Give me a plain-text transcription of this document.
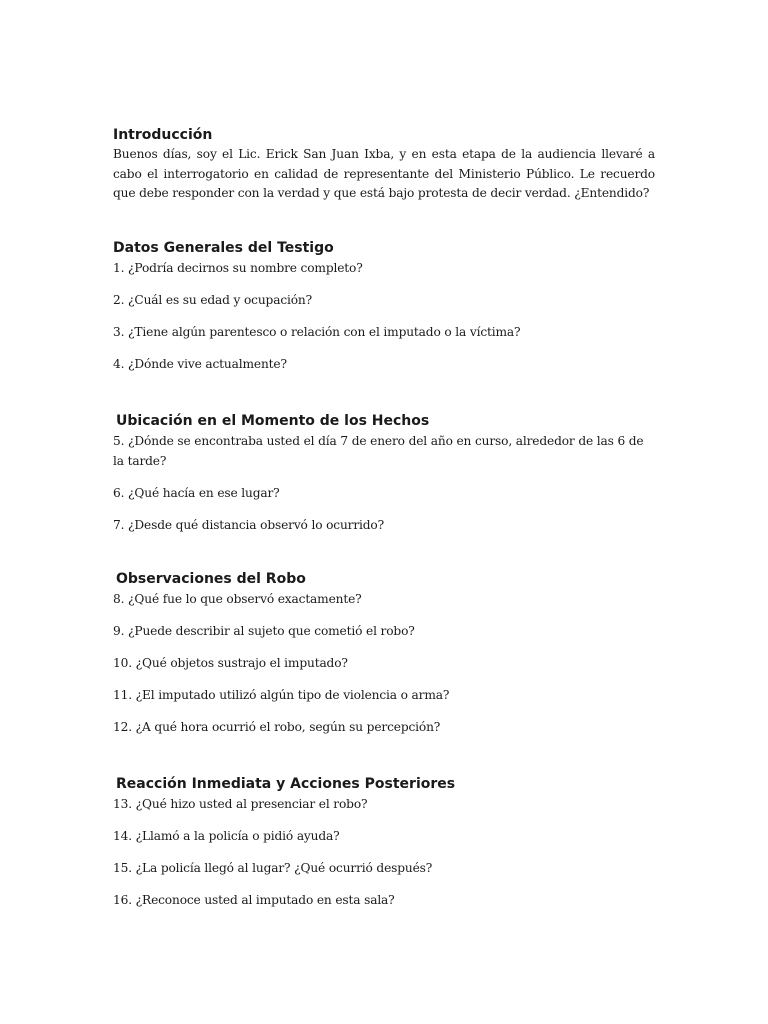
Introducción

Buenos días, soy el Lic. Erick San Juan Ixba, y en esta etapa de la audiencia llevaré a cabo el interrogatorio en calidad de representante del Ministerio Público. Le recuerdo que debe responder con la verdad y que está bajo protesta de decir verdad. ¿Entendido?

Datos Generales del Testigo

1. ¿Podría decirnos su nombre completo?

2. ¿Cuál es su edad y ocupación?

3. ¿Tiene algún parentesco o relación con el imputado o la víctima?

4. ¿Dónde vive actualmente?

Ubicación en el Momento de los Hechos

5. ¿Dónde se encontraba usted el día 7 de enero del año en curso, alrededor de las 6 de la tarde?

6. ¿Qué hacía en ese lugar?

7. ¿Desde qué distancia observó lo ocurrido?

Observaciones del Robo

8. ¿Qué fue lo que observó exactamente?

9. ¿Puede describir al sujeto que cometió el robo?

10. ¿Qué objetos sustrajo el imputado?

11. ¿El imputado utilizó algún tipo de violencia o arma?

12. ¿A qué hora ocurrió el robo, según su percepción?

Reacción Inmediata y Acciones Posteriores

13. ¿Qué hizo usted al presenciar el robo?

14. ¿Llamó a la policía o pidió ayuda?

15. ¿La policía llegó al lugar? ¿Qué ocurrió después?

16. ¿Reconoce usted al imputado en esta sala?
